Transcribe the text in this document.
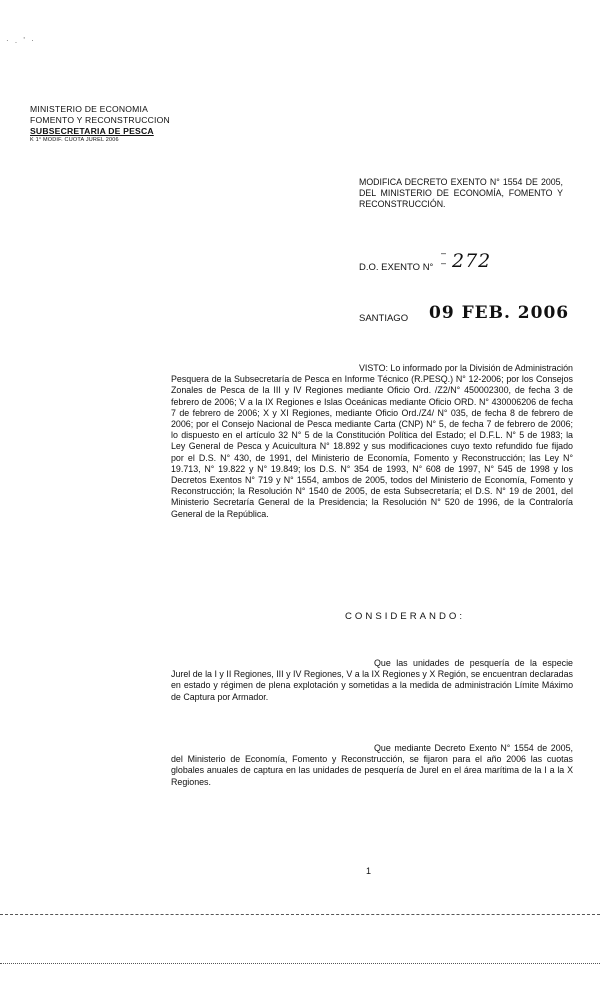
· . ' ·
MINISTERIO DE ECONOMIA
FOMENTO Y RECONSTRUCCION
SUBSECRETARIA DE PESCA
K 1° MODIF. CUOTA JUREL 2006
MODIFICA DECRETO EXENTO N° 1554 DE 2005, DEL MINISTERIO DE ECONOMÍA, FOMENTO Y RECONSTRUCCIÓN.
D.O. EXENTO N°
– – 272
SANTIAGO 09 FEB. 2006
VISTO: Lo informado por la División de Administración Pesquera de la Subsecretaría de Pesca en Informe Técnico (R.PESQ.) N° 12-2006; por los Consejos Zonales de Pesca de la III y IV Regiones mediante Oficio Ord. /Z2/N° 450002300, de fecha 3 de febrero de 2006; V a la IX Regiones e Islas Oceánicas mediante Oficio ORD. N° 430006206 de fecha 7 de febrero de 2006; X y XI Regiones, mediante Oficio Ord./Z4/ N° 035, de fecha 8 de febrero de 2006; por el Consejo Nacional de Pesca mediante Carta (CNP) N° 5, de fecha 7 de febrero de 2006; lo dispuesto en el artículo 32 N° 5 de la Constitución Política del Estado; el D.F.L. N° 5 de 1983; la Ley General de Pesca y Acuicultura N° 18.892 y sus modificaciones cuyo texto refundido fue fijado por el D.S. N° 430, de 1991, del Ministerio de Economía, Fomento y Reconstrucción; las Ley N° 19.713, N° 19.822 y N° 19.849; los D.S. N° 354 de 1993, N° 608 de 1997, N° 545 de 1998 y los Decretos Exentos N° 719 y N° 1554, ambos de 2005, todos del Ministerio de Economía, Fomento y Reconstrucción; la Resolución N° 1540 de 2005, de esta Subsecretaría; el D.S. N° 19 de 2001, del Ministerio Secretaría General de la Presidencia; la Resolución N° 520 de 1996, de la Contraloría General de la República.
CONSIDERANDO:
Que las unidades de pesquería de la especie Jurel de la I y II Regiones, III y IV Regiones, V a la IX Regiones y X Región, se encuentran declaradas en estado y régimen de plena explotación y sometidas a la medida de administración Límite Máximo de Captura por Armador.
Que mediante Decreto Exento N° 1554 de 2005, del Ministerio de Economía, Fomento y Reconstrucción, se fijaron para el año 2006 las cuotas globales anuales de captura en las unidades de pesquería de Jurel en el área marítima de la I a la X Regiones.
1
